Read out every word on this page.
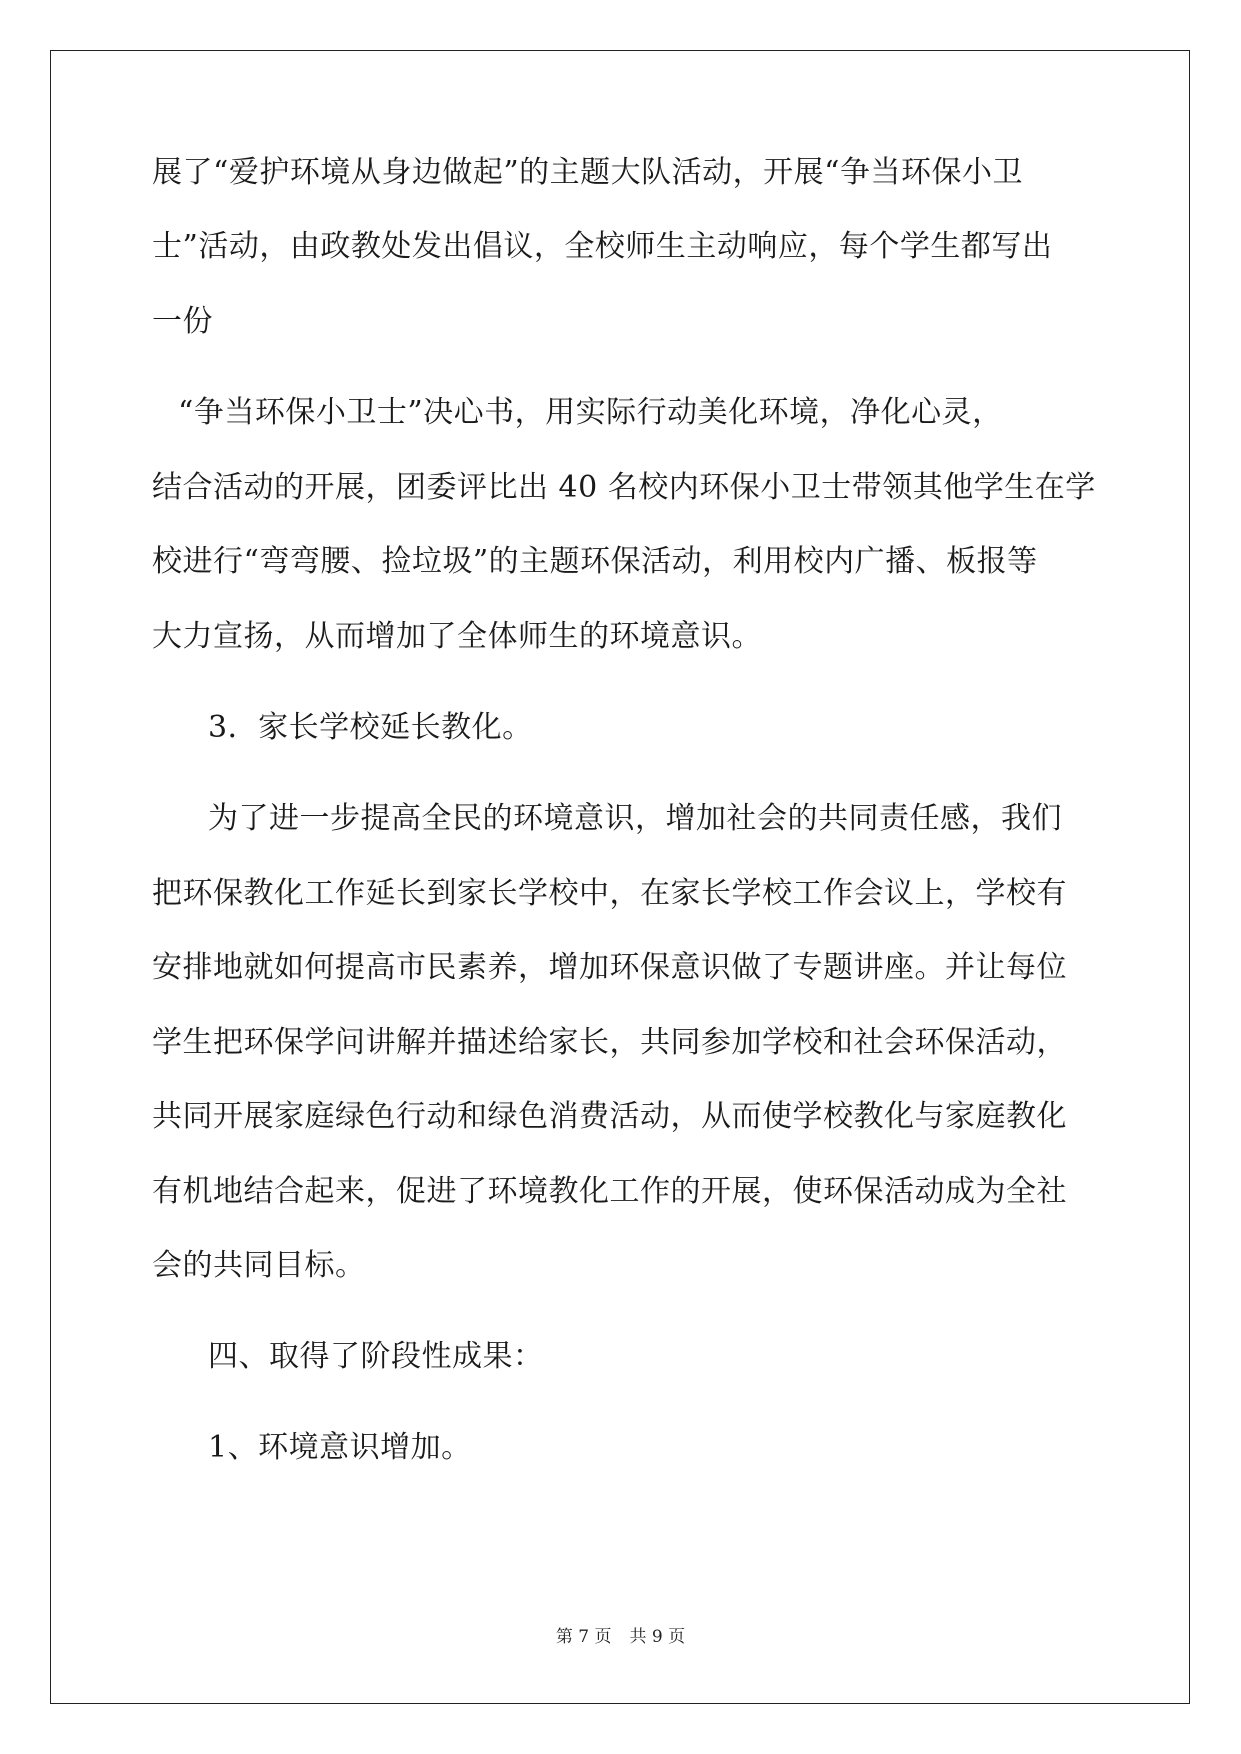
展了“爱护环境从身边做起”的主题大队活动，开展“争当环保小卫
士”活动，由政教处发出倡议，全校师生主动响应，每个学生都写出
一份
“争当环保小卫士”决心书，用实际行动美化环境，净化心灵，
结合活动的开展，团委评比出 40 名校内环保小卫士带领其他学生在学
校进行“弯弯腰、捡垃圾”的主题环保活动，利用校内广播、板报等
大力宣扬，从而增加了全体师生的环境意识。
3．家长学校延长教化。
为了进一步提高全民的环境意识，增加社会的共同责任感，我们
把环保教化工作延长到家长学校中，在家长学校工作会议上，学校有
安排地就如何提高市民素养，增加环保意识做了专题讲座。并让每位
学生把环保学问讲解并描述给家长，共同参加学校和社会环保活动，
共同开展家庭绿色行动和绿色消费活动，从而使学校教化与家庭教化
有机地结合起来，促进了环境教化工作的开展，使环保活动成为全社
会的共同目标。
四、取得了阶段性成果：
1、环境意识增加。
第 7 页 共 9 页
